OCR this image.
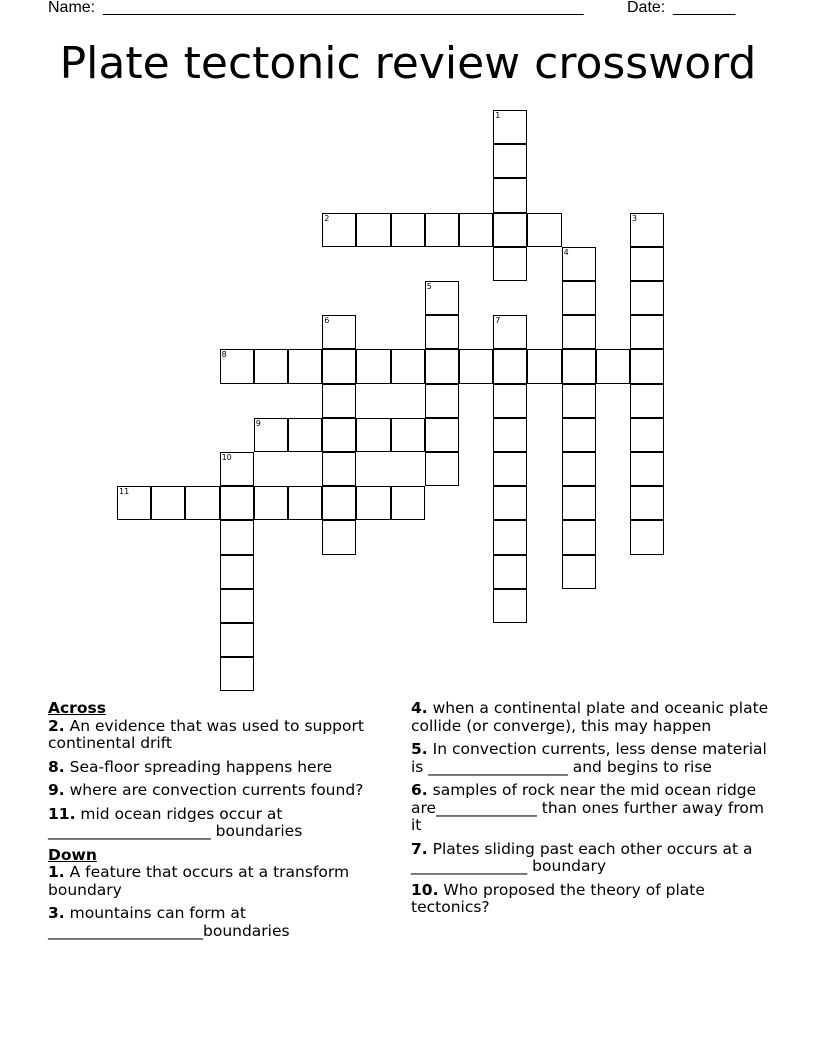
Name: ______________________________________________________	Date: _______
Plate tectonic review crossword
1
2	3
4
5
6	7
8
9
10
11
Across
2. An evidence that was used to support continental drift
8. Sea-floor spreading happens here
9. where are convection currents found?
11. mid ocean ridges occur at _____________________ boundaries
Down
1. A feature that occurs at a transform boundary
3. mountains can form at ____________________boundaries
4. when a continental plate and oceanic plate collide (or converge), this may happen
5. In convection currents, less dense material is __________________ and begins to rise
6. samples of rock near the mid ocean ridge are_____________ than ones further away from it
7. Plates sliding past each other occurs at a _______________ boundary
10. Who proposed the theory of plate tectonics?
